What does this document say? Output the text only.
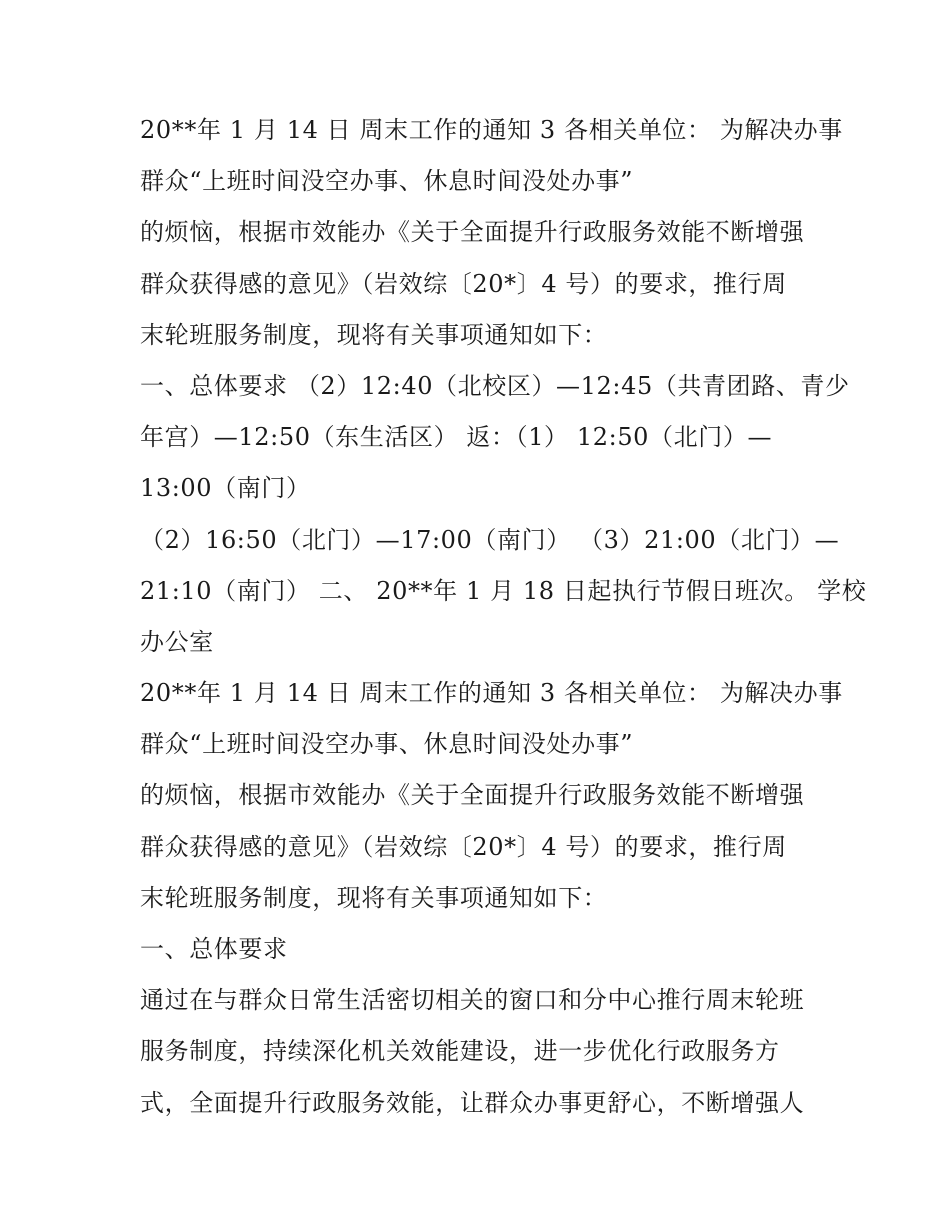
20**年 1 月 14 日 周末工作的通知 3 各相关单位： 为解决办事
群众“上班时间没空办事、休息时间没处办事”
的烦恼，根据市效能办《关于全面提升行政服务效能不断增强
群众获得感的意见》（岩效综〔20*〕4 号）的要求，推行周
末轮班服务制度，现将有关事项通知如下：
一、总体要求 （2）12:40（北校区）—12:45（共青团路、青少
年宫）—12:50（东生活区） 返：（1） 12:50（北门）—
13:00（南门）
（2）16:50（北门）—17:00（南门） （3）21:00（北门）—
21:10（南门） 二、 20**年 1 月 18 日起执行节假日班次。 学校
办公室
20**年 1 月 14 日 周末工作的通知 3 各相关单位： 为解决办事
群众“上班时间没空办事、休息时间没处办事”
的烦恼，根据市效能办《关于全面提升行政服务效能不断增强
群众获得感的意见》（岩效综〔20*〕4 号）的要求，推行周
末轮班服务制度，现将有关事项通知如下：
一、总体要求
通过在与群众日常生活密切相关的窗口和分中心推行周末轮班
服务制度，持续深化机关效能建设，进一步优化行政服务方
式，全面提升行政服务效能，让群众办事更舒心，不断增强人
